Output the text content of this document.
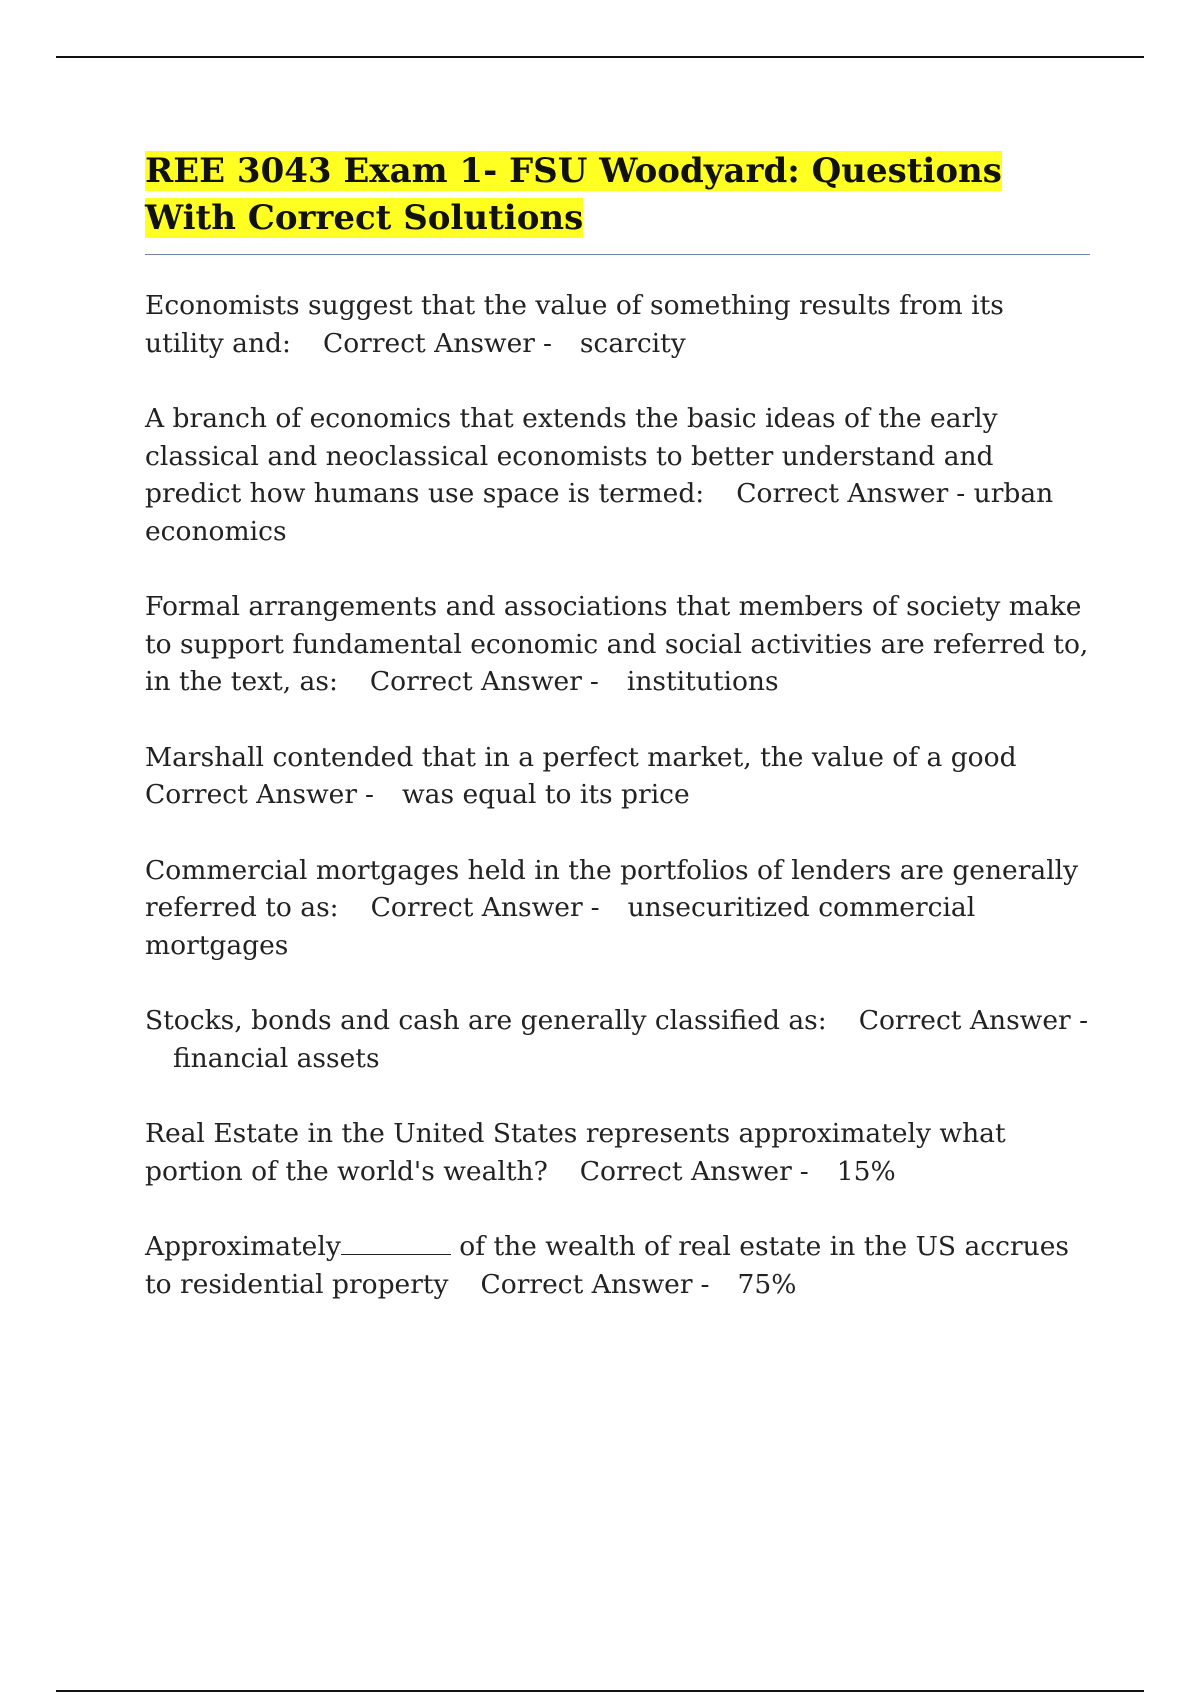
REE 3043 Exam 1- FSU Woodyard: Questions With Correct Solutions

Economists suggest that the value of something results from its utility and: Correct Answer - scarcity

A branch of economics that extends the basic ideas of the early classical and neoclassical economists to better understand and predict how humans use space is termed: Correct Answer - urban economics

Formal arrangements and associations that members of society make to support fundamental economic and social activities are referred to, in the text, as: Correct Answer - institutions

Marshall contended that in a perfect market, the value of a good Correct Answer - was equal to its price

Commercial mortgages held in the portfolios of lenders are generally referred to as: Correct Answer - unsecuritized commercial mortgages

Stocks, bonds and cash are generally classified as: Correct Answer -financial assets

Real Estate in the United States represents approximately what portion of the world's wealth? Correct Answer - 15%

Approximately	of the wealth of real estate in the US accrues to residential property Correct Answer - 75%
